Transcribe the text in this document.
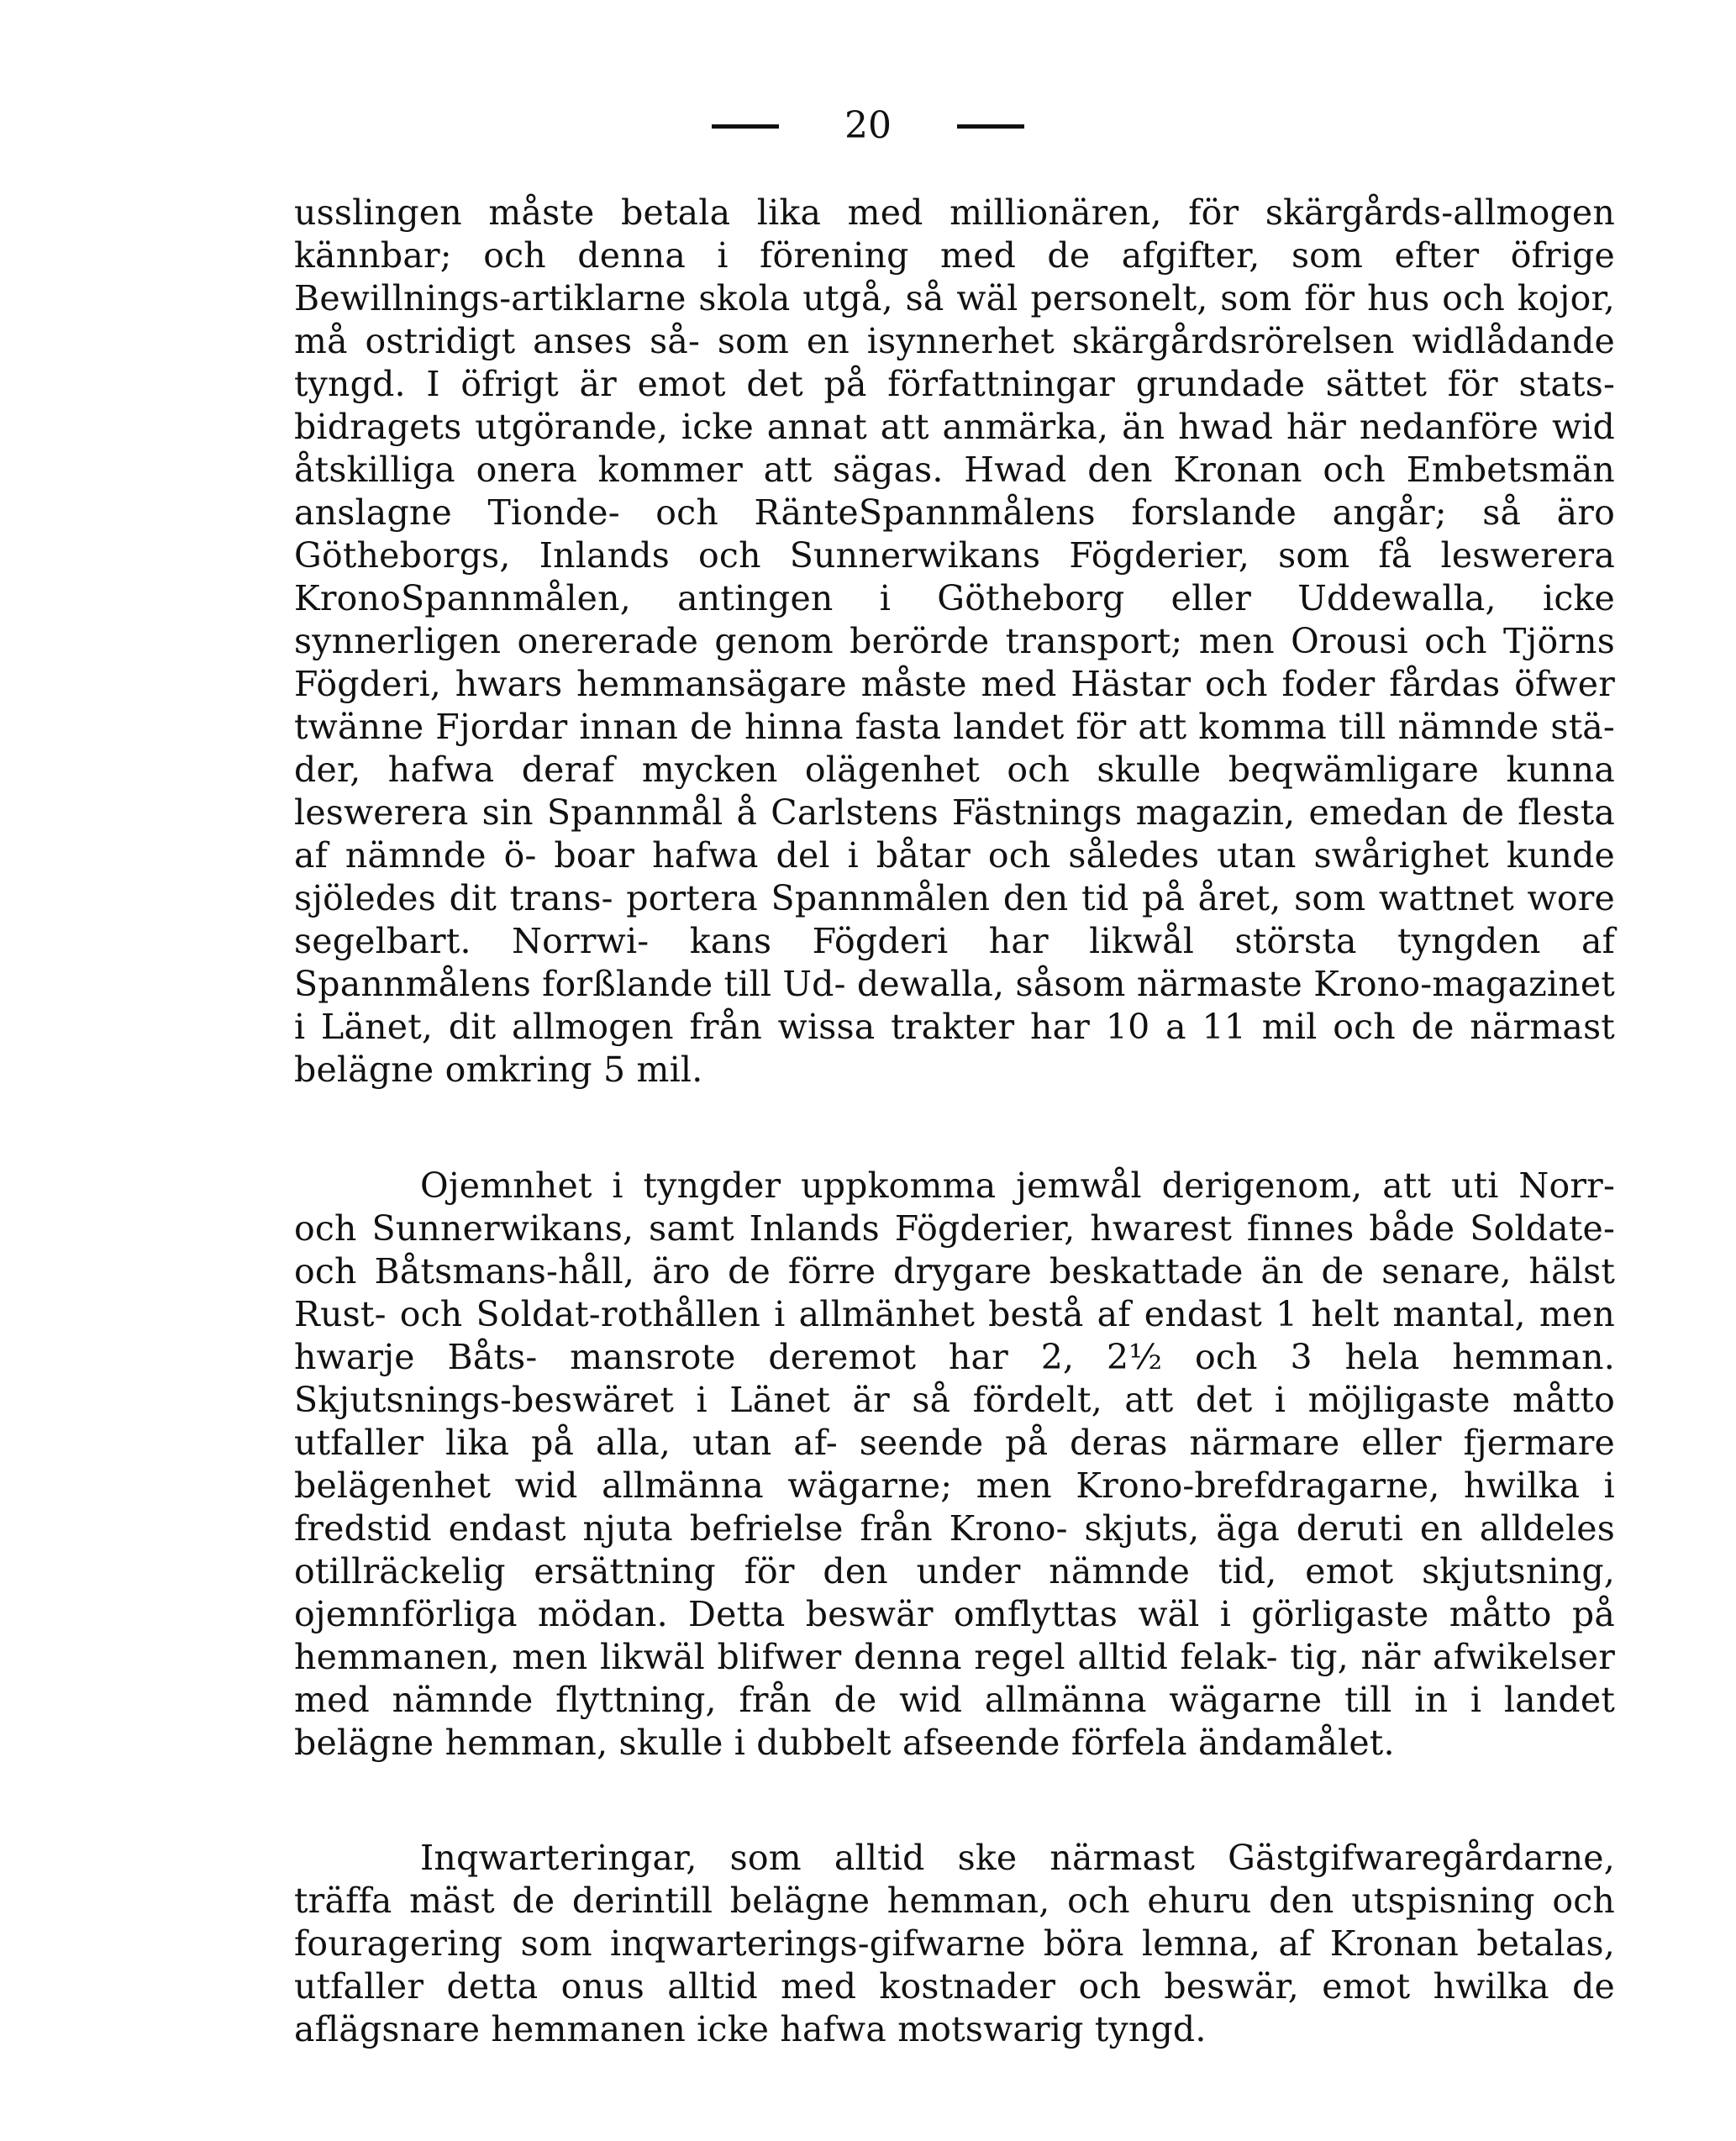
20

usslingen måste betala lika med millionären, för skärgårds-allmogen kännbar; och denna i förening med de afgifter, som efter öfrige Bewillnings-artiklarne skola utgå, så wäl personelt, som för hus och kojor, må ostridigt anses så- som en isynnerhet skärgårdsrörelsen widlådande tyngd. I öfrigt är emot det på författningar grundade sättet för stats-bidragets utgörande, icke annat att anmärka, än hwad här nedanföre wid åtskilliga onera kommer att sägas. Hwad den Kronan och Embetsmän anslagne Tionde- och RänteSpannmålens forslande angår; så äro Götheborgs, Inlands och Sunnerwikans Fögderier, som få leswerera KronoSpannmålen, antingen i Götheborg eller Uddewalla, icke synnerligen onererade genom berörde transport; men Orousi och Tjörns Fögderi, hwars hemmansägare måste med Hästar och foder fårdas öfwer twänne Fjordar innan de hinna fasta landet för att komma till nämnde stä- der, hafwa deraf mycken olägenhet och skulle beqwämligare kunna leswerera sin Spannmål å Carlstens Fästnings magazin, emedan de flesta af nämnde ö- boar hafwa del i båtar och således utan swårighet kunde sjöledes dit trans- portera Spannmålen den tid på året, som wattnet wore segelbart. Norrwi- kans Fögderi har likwål största tyngden af Spannmålens forßlande till Ud- dewalla, såsom närmaste Krono-magazinet i Länet, dit allmogen från wissa trakter har 10 a 11 mil och de närmast belägne omkring 5 mil.

Ojemnhet i tyngder uppkomma jemwål derigenom, att uti Norr- och Sunnerwikans, samt Inlands Fögderier, hwarest finnes både Soldate- och Båtsmans-håll, äro de förre drygare beskattade än de senare, hälst Rust- och Soldat-rothållen i allmänhet bestå af endast 1 helt mantal, men hwarje Båts- mansrote deremot har 2, 2½ och 3 hela hemman. Skjutsnings-beswäret i Länet är så fördelt, att det i möjligaste måtto utfaller lika på alla, utan af- seende på deras närmare eller fjermare belägenhet wid allmänna wägarne; men Krono-brefdragarne, hwilka i fredstid endast njuta befrielse från Krono- skjuts, äga deruti en alldeles otillräckelig ersättning för den under nämnde tid, emot skjutsning, ojemnförliga mödan. Detta beswär omflyttas wäl i görligaste måtto på hemmanen, men likwäl blifwer denna regel alltid felak- tig, när afwikelser med nämnde flyttning, från de wid allmänna wägarne till in i landet belägne hemman, skulle i dubbelt afseende förfela ändamålet.

Inqwarteringar, som alltid ske närmast Gästgifwaregårdarne, träffa mäst de derintill belägne hemman, och ehuru den utspisning och fouragering som inqwarterings-gifwarne böra lemna, af Kronan betalas, utfaller detta onus alltid med kostnader och beswär, emot hwilka de aflägsnare hemmanen icke hafwa motswarig tyngd.
